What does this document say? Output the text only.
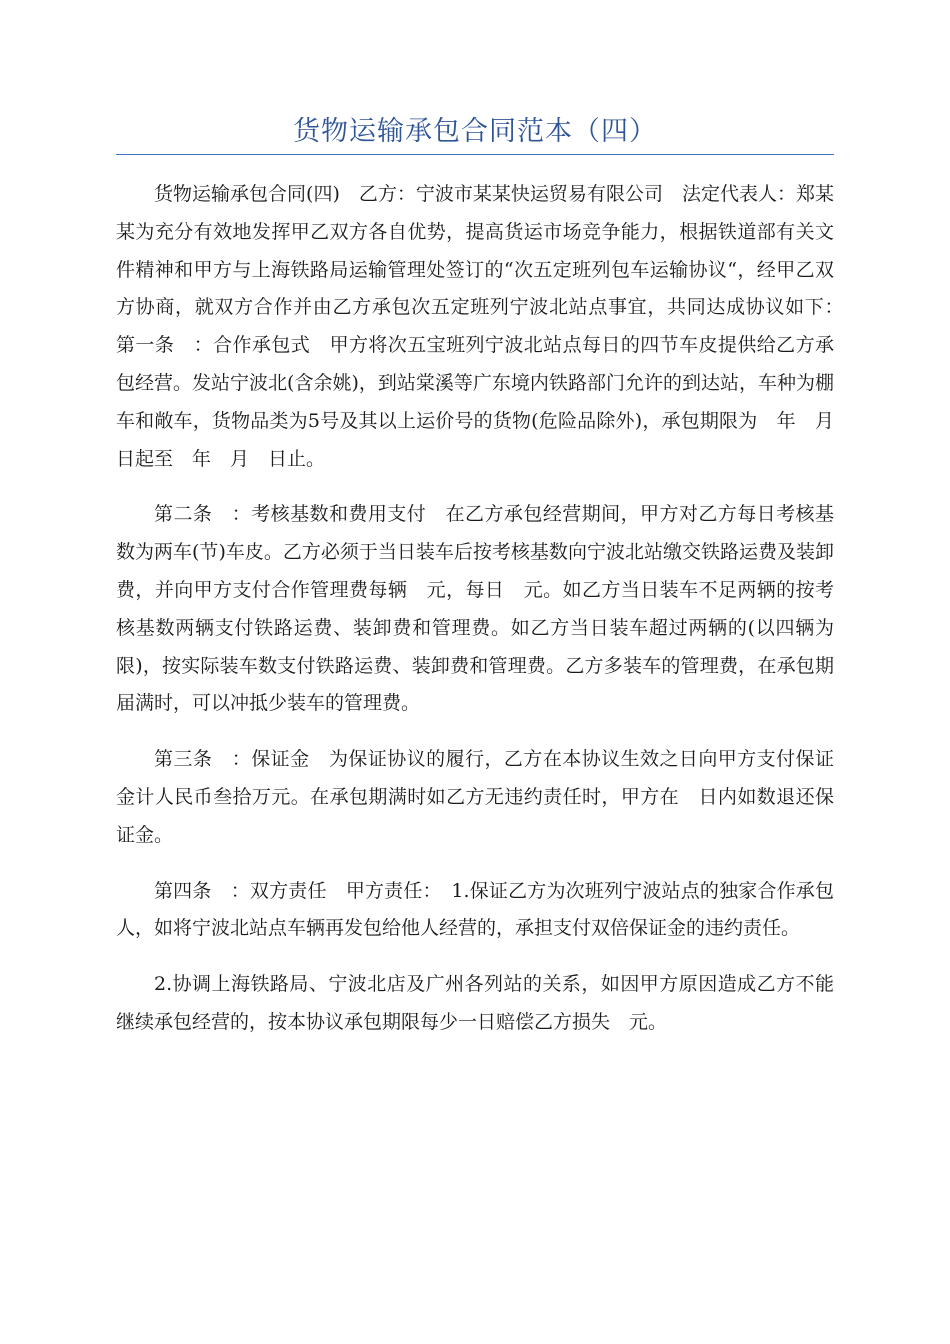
货物运输承包合同范本（四）

货物运输承包合同(四)　乙方：宁波市某某快运贸易有限公司　法定代表人：郑某某为充分有效地发挥甲乙双方各自优势，提高货运市场竞争能力，根据铁道部有关文件精神和甲方与上海铁路局运输管理处签订的“次五定班列包车运输协议“，经甲乙双方协商，就双方合作并由乙方承包次五定班列宁波北站点事宜，共同达成协议如下：　第一条　：合作承包式　甲方将次五宝班列宁波北站点每日的四节车皮提供给乙方承包经营。发站宁波北(含余姚)，到站棠溪等广东境内铁路部门允许的到达站，车种为棚车和敞车，货物品类为5号及其以上运价号的货物(危险品除外)，承包期限为　年　月　日起至　年　月　日止。

第二条　：考核基数和费用支付　在乙方承包经营期间，甲方对乙方每日考核基数为两车(节)车皮。乙方必须于当日装车后按考核基数向宁波北站缴交铁路运费及装卸费，并向甲方支付合作管理费每辆　元，每日　元。如乙方当日装车不足两辆的按考核基数两辆支付铁路运费、装卸费和管理费。如乙方当日装车超过两辆的(以四辆为限)，按实际装车数支付铁路运费、装卸费和管理费。乙方多装车的管理费，在承包期届满时，可以冲抵少装车的管理费。

第三条　：保证金　为保证协议的履行，乙方在本协议生效之日向甲方支付保证金计人民币叁拾万元。在承包期满时如乙方无违约责任时，甲方在　日内如数退还保证金。

第四条　：双方责任　甲方责任：　1.保证乙方为次班列宁波站点的独家合作承包人，如将宁波北站点车辆再发包给他人经营的，承担支付双倍保证金的违约责任。

2.协调上海铁路局、宁波北店及广州各列站的关系，如因甲方原因造成乙方不能继续承包经营的，按本协议承包期限每少一日赔偿乙方损失　元。
